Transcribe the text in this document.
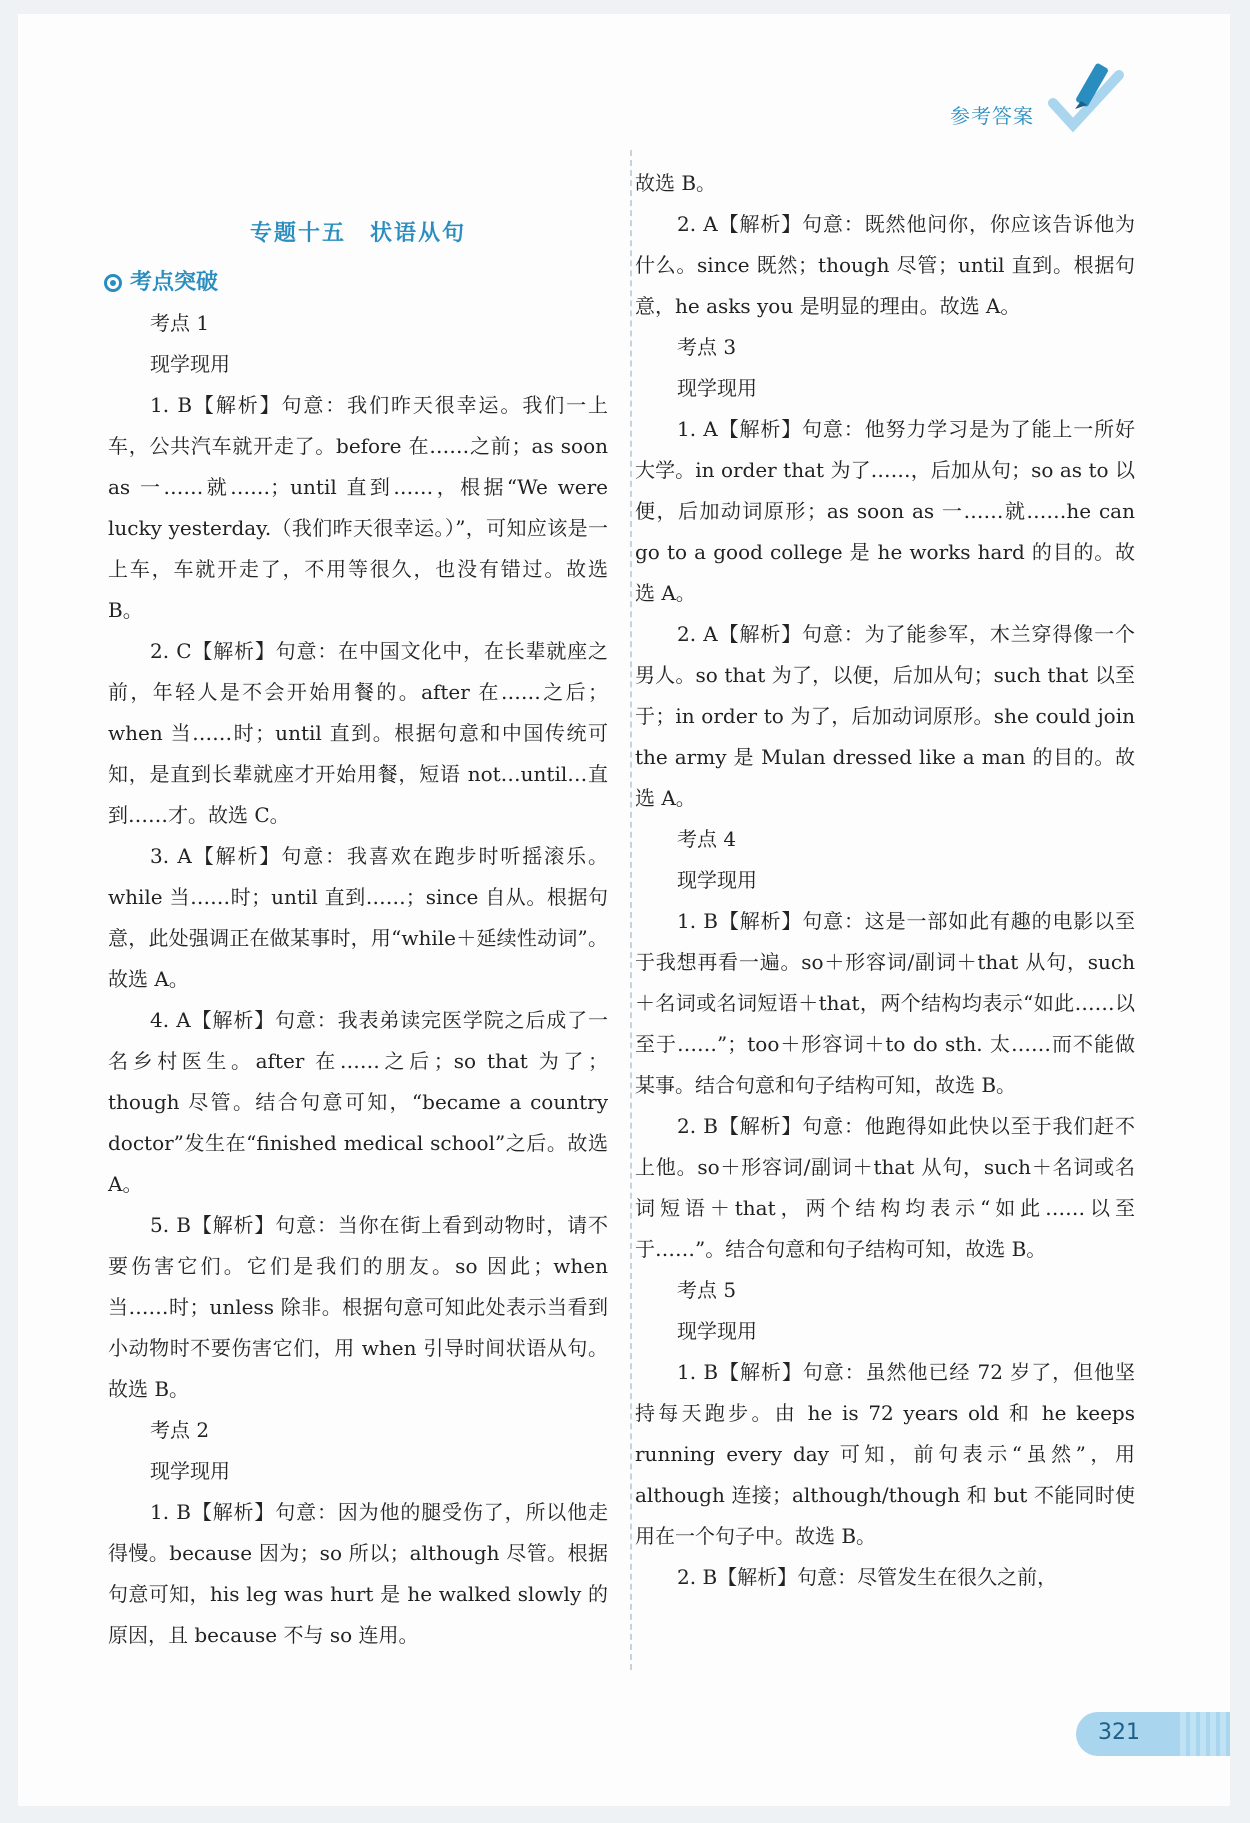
参考答案
专题十五　状语从句
考点突破
考点 1
现学现用

1. B【解析】句意：我们昨天很幸运。我们一上车，公共汽车就开走了。before 在……之前；as soon as 一……就……；until 直到……，根据“We were lucky yesterday.（我们昨天很幸运。）”，可知应该是一上车，车就开走了，不用等很久，也没有错过。故选 B。

2. C【解析】句意：在中国文化中，在长辈就座之前，年轻人是不会开始用餐的。after 在……之后；when 当……时；until 直到。根据句意和中国传统可知，是直到长辈就座才开始用餐，短语 not…until…直到……才。故选 C。

3. A【解析】句意：我喜欢在跑步时听摇滚乐。while 当……时；until 直到……；since 自从。根据句意，此处强调正在做某事时，用“while＋延续性动词”。故选 A。

4. A【解析】句意：我表弟读完医学院之后成了一名乡村医生。after 在……之后；so that 为了；though 尽管。结合句意可知，“became a country doctor”发生在“finished medical school”之后。故选 A。

5. B【解析】句意：当你在街上看到动物时，请不要伤害它们。它们是我们的朋友。so 因此；when 当……时；unless 除非。根据句意可知此处表示当看到小动物时不要伤害它们，用 when 引导时间状语从句。故选 B。

考点 2
现学现用

1. B【解析】句意：因为他的腿受伤了，所以他走得慢。because 因为；so 所以；although 尽管。根据句意可知，his leg was hurt 是 he walked slowly 的原因，且 because 不与 so 连用。

故选 B。

2. A【解析】句意：既然他问你，你应该告诉他为什么。since 既然；though 尽管；until 直到。根据句意，he asks you 是明显的理由。故选 A。

考点 3
现学现用

1. A【解析】句意：他努力学习是为了能上一所好大学。in order that 为了……，后加从句；so as to 以便，后加动词原形；as soon as 一……就……he can go to a good college 是 he works hard 的目的。故选 A。

2. A【解析】句意：为了能参军，木兰穿得像一个男人。so that 为了，以便，后加从句；such that 以至于；in order to 为了，后加动词原形。she could join the army 是 Mulan dressed like a man 的目的。故选 A。

考点 4
现学现用

1. B【解析】句意：这是一部如此有趣的电影以至于我想再看一遍。so＋形容词/副词＋that 从句，such＋名词或名词短语＋that，两个结构均表示“如此……以至于……”；too＋形容词＋to do sth. 太……而不能做某事。结合句意和句子结构可知，故选 B。

2. B【解析】句意：他跑得如此快以至于我们赶不上他。so＋形容词/副词＋that 从句，such＋名词或名词短语＋that，两个结构均表示“如此……以至于……”。结合句意和句子结构可知，故选 B。

考点 5
现学现用

1. B【解析】句意：虽然他已经 72 岁了，但他坚持每天跑步。由 he is 72 years old 和 he keeps running every day 可知，前句表示“虽然”，用 although 连接；although/though 和 but 不能同时使用在一个句子中。故选 B。

2. B【解析】句意：尽管发生在很久之前，

321
